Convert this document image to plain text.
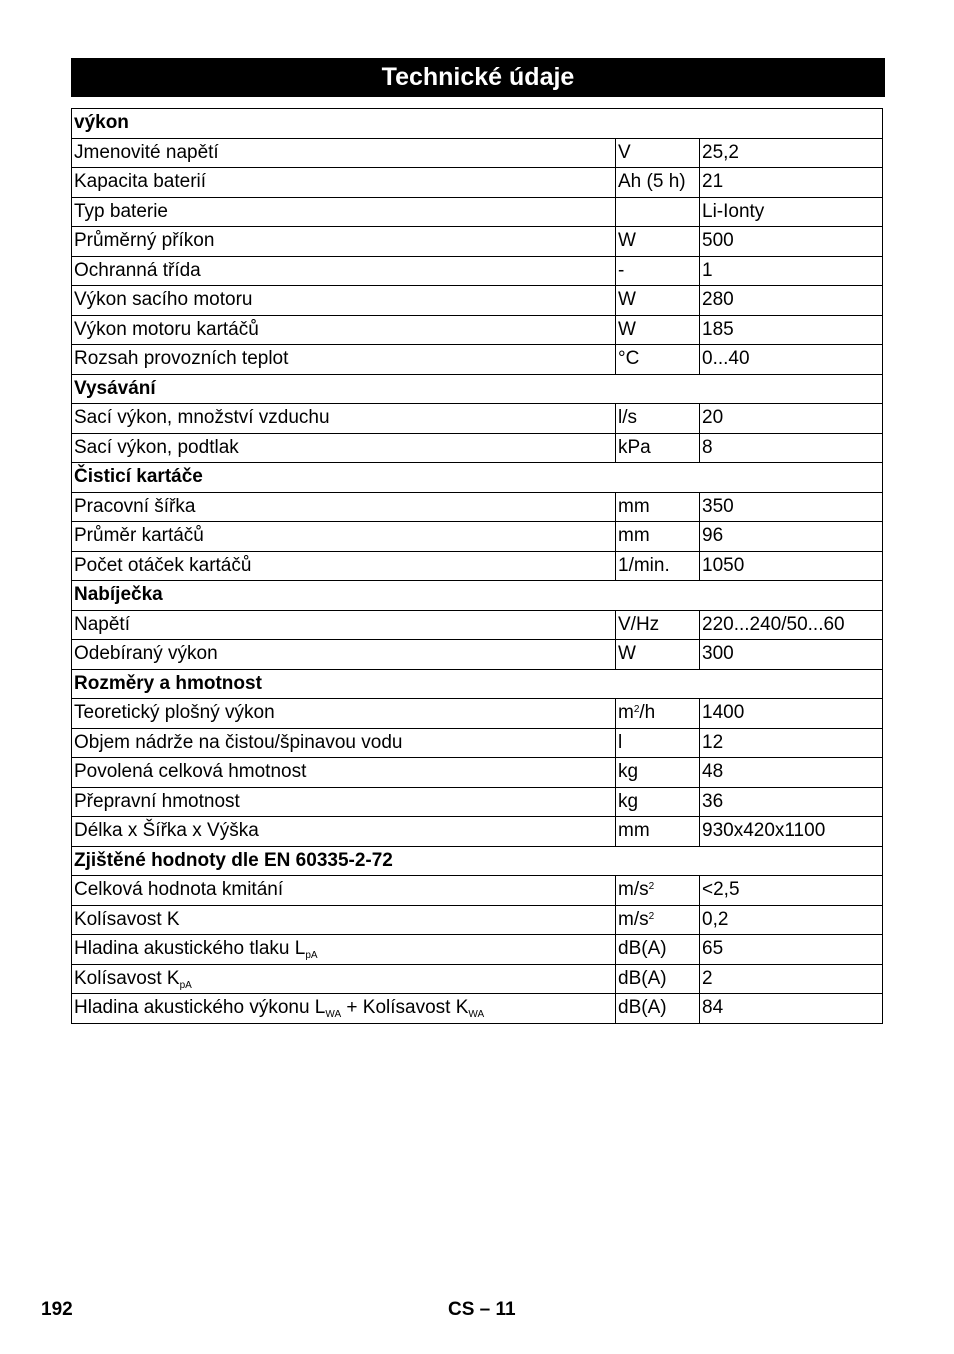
Technické údaje
výkon		
Jmenovité napětí	V	25,2
Kapacita baterií	Ah (5 h)	21
Typ baterie		Li-Ionty
Průměrný příkon	W	500
Ochranná třída	-	1
Výkon sacího motoru	W	280
Výkon motoru kartáčů	W	185
Rozsah provozních teplot	°C	0...40
Vysávání		
Sací výkon, množství vzduchu	l/s	20
Sací výkon, podtlak	kPa	8
Čisticí kartáče		
Pracovní šířka	mm	350
Průměr kartáčů	mm	96
Počet otáček kartáčů	1/min.	1050
Nabíječka		
Napětí	V/Hz	220...240/50...60
Odebíraný výkon	W	300
Rozměry a hmotnost		
Teoretický plošný výkon	$m^2/h$	1400
Objem nádrže na čistou/špinavou vodu	l	12
Povolená celková hmotnost	kg	48
Přepravní hmotnost	kg	36
Délka x Šířka x Výška	mm	930x420x1100
Zjištěné hodnoty dle EN 60335-2-72		
Celková hodnota kmitání	$m/s^2$	<2,5
Kolísavost K	$m/s^2$	0,2
Hladina akustického tlaku $L_{pA}$	dB(A)	65
Kolísavost $K_{pA}$	dB(A)	2
Hladina akustického výkonu $L_{WA}$ + Kolísavost $K_{WA}$	dB(A)	84
192	CS – 11
